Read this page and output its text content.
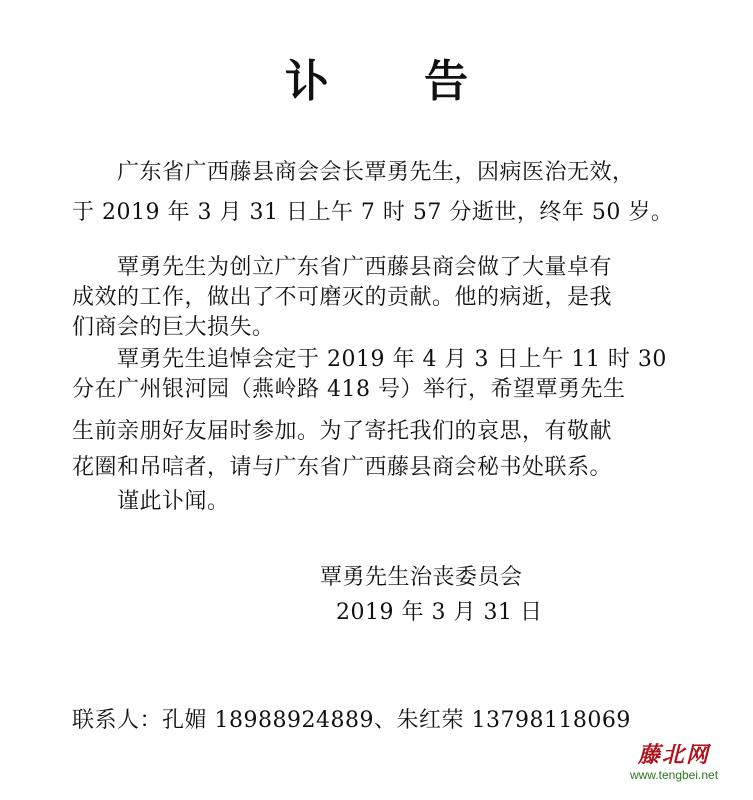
讣 告
广东省广西藤县商会会长覃勇先生，因病医治无效，
于 2019 年 3 月 31 日上午 7 时 57 分逝世，终年 50 岁。
覃勇先生为创立广东省广西藤县商会做了大量卓有
成效的工作，做出了不可磨灭的贡献。他的病逝，是我
们商会的巨大损失。
覃勇先生追悼会定于 2019 年 4 月 3 日上午 11 时 30
分在广州银河园（燕岭路 418 号）举行，希望覃勇先生
生前亲朋好友届时参加。为了寄托我们的哀思，有敬献
花圈和吊唁者，请与广东省广西藤县商会秘书处联系。
谨此讣闻。
覃勇先生治丧委员会
2019 年 3 月 31 日
联系人：孔媚 18988924889、朱红荣 13798118069
藤北网
www.tengbei.net
